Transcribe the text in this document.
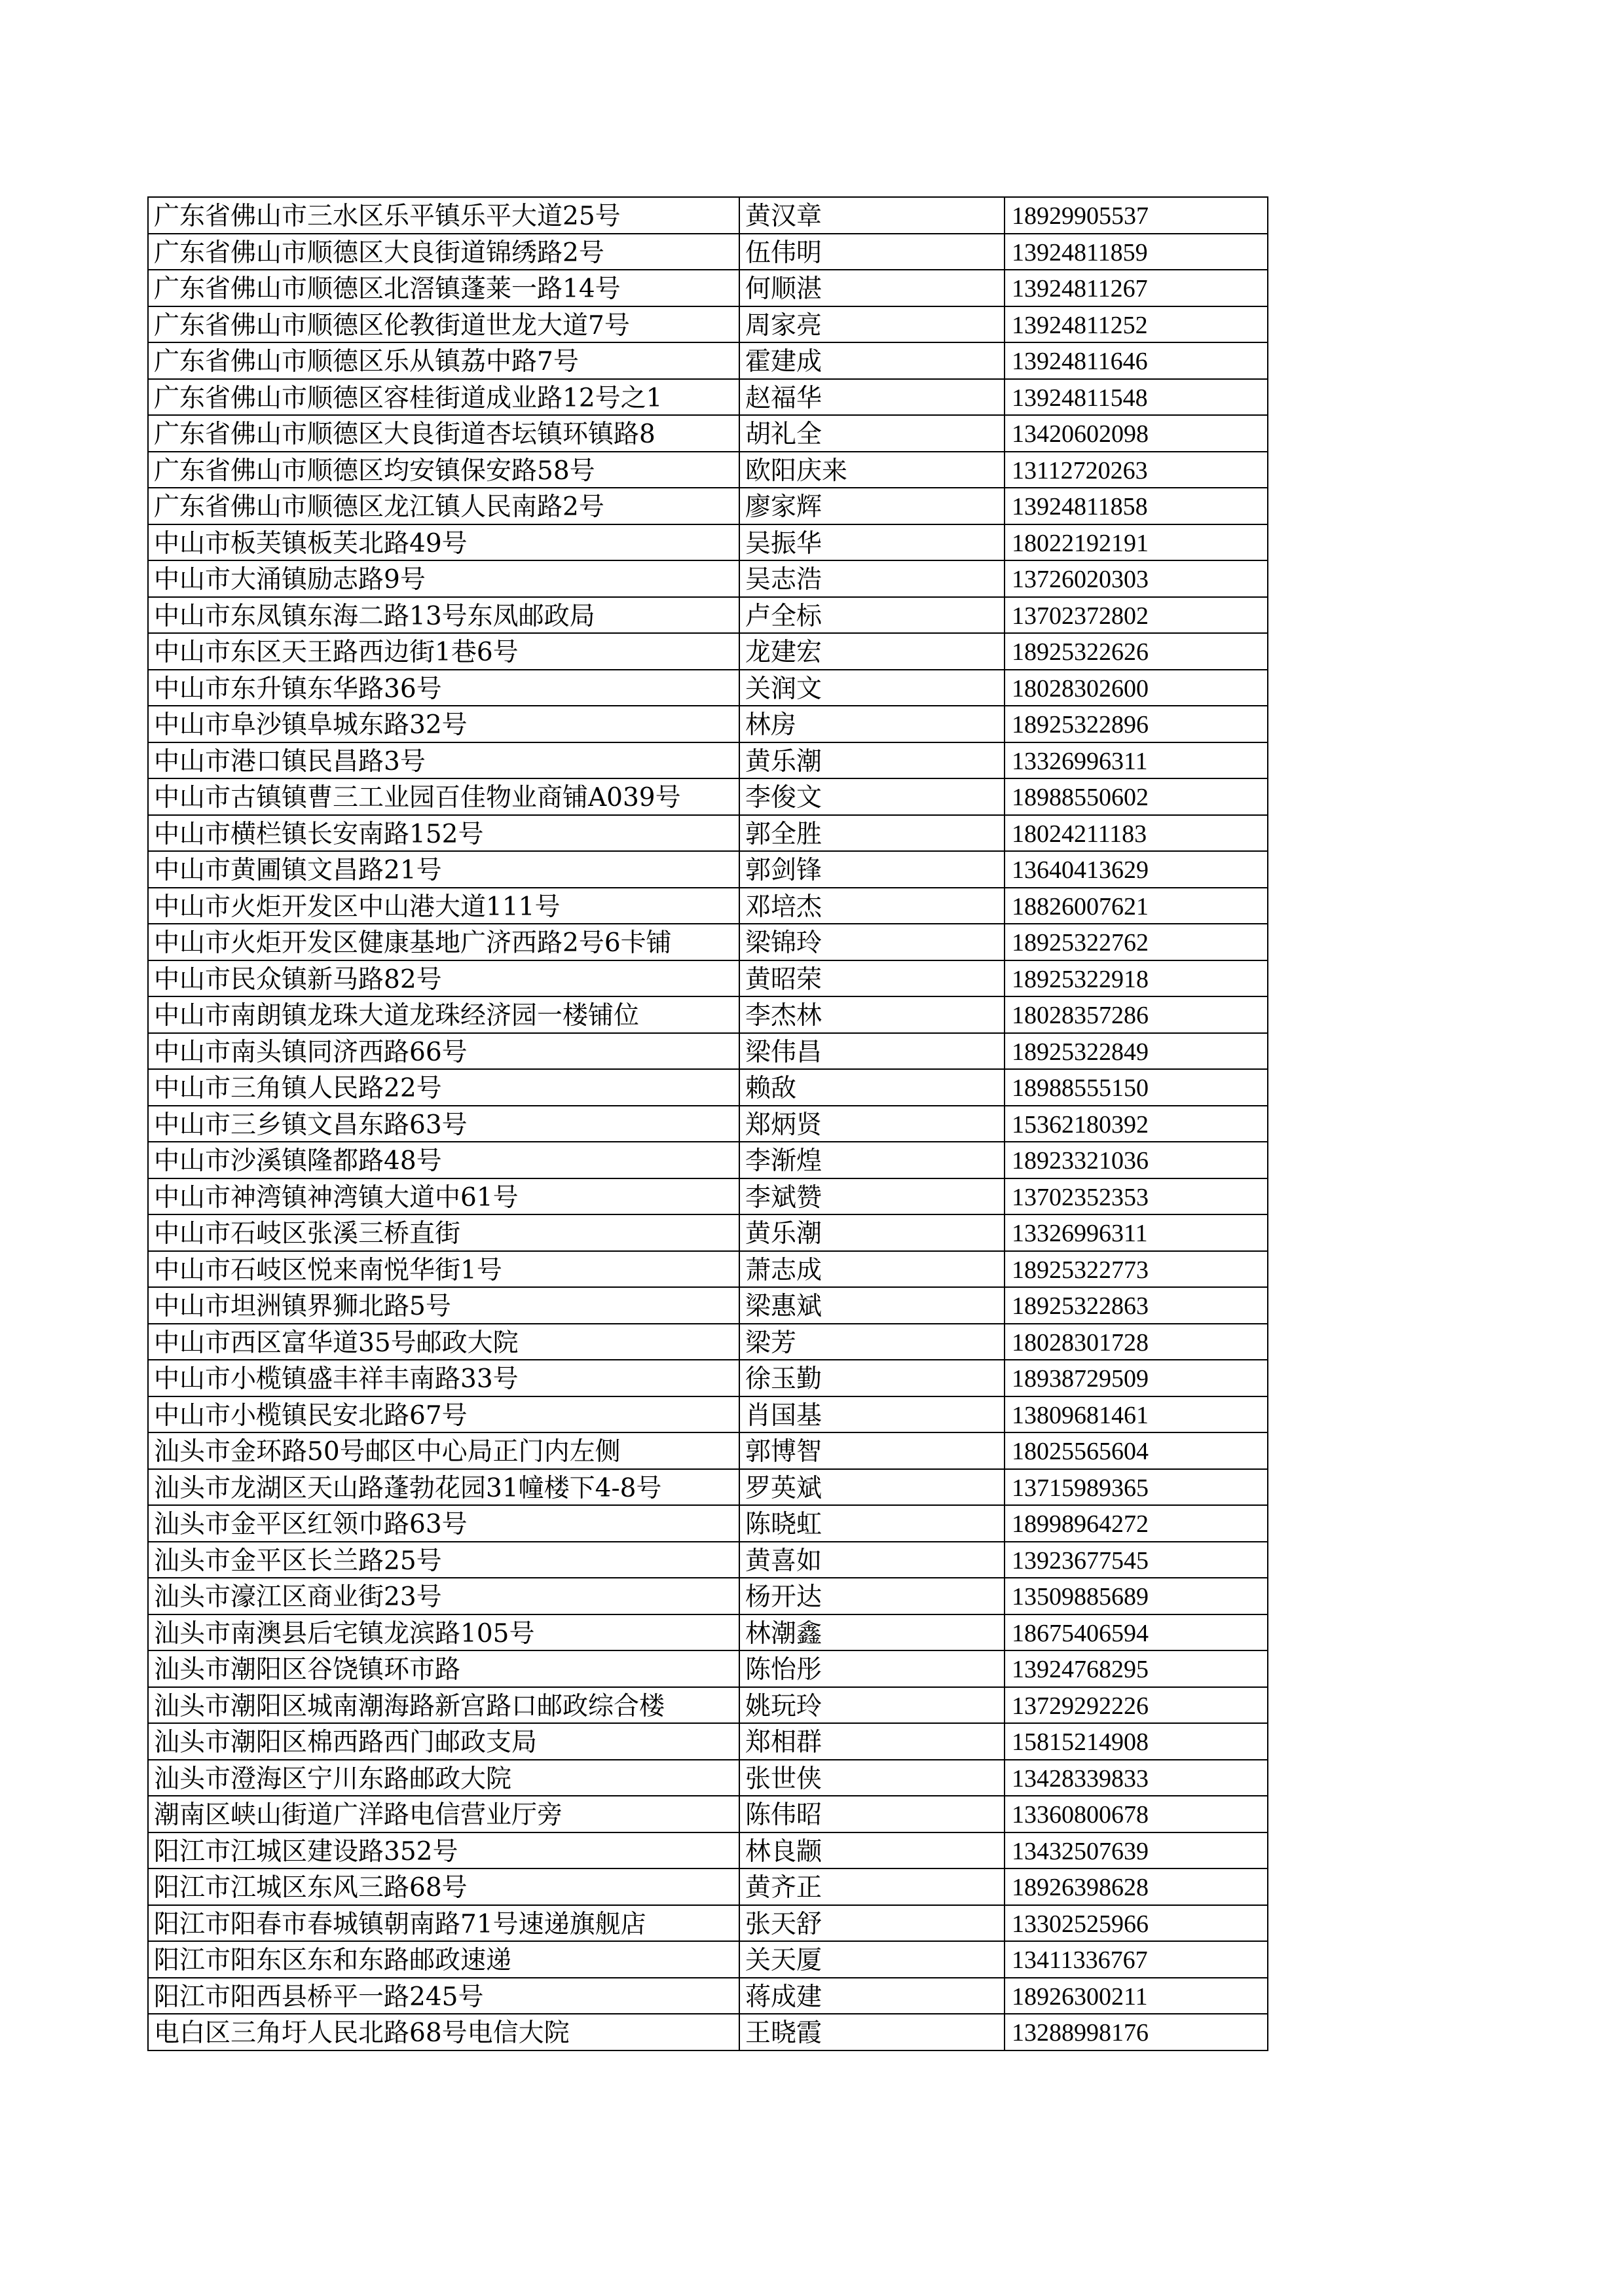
广东省佛山市三水区乐平镇乐平大道25号	黄汉章	18929905537
广东省佛山市顺德区大良街道锦绣路2号	伍伟明	13924811859
广东省佛山市顺德区北滘镇蓬莱一路14号	何顺湛	13924811267
广东省佛山市顺德区伦教街道世龙大道7号	周家亮	13924811252
广东省佛山市顺德区乐从镇荔中路7号	霍建成	13924811646
广东省佛山市顺德区容桂街道成业路12号之1	赵福华	13924811548
广东省佛山市顺德区大良街道杏坛镇环镇路8	胡礼全	13420602098
广东省佛山市顺德区均安镇保安路58号	欧阳庆来	13112720263
广东省佛山市顺德区龙江镇人民南路2号	廖家辉	13924811858
中山市板芙镇板芙北路49号	吴振华	18022192191
中山市大涌镇励志路9号	吴志浩	13726020303
中山市东凤镇东海二路13号东凤邮政局	卢全标	13702372802
中山市东区天王路西边街1巷6号	龙建宏	18925322626
中山市东升镇东华路36号	关润文	18028302600
中山市阜沙镇阜城东路32号	林房	18925322896
中山市港口镇民昌路3号	黄乐潮	13326996311
中山市古镇镇曹三工业园百佳物业商铺A039号	李俊文	18988550602
中山市横栏镇长安南路152号	郭全胜	18024211183
中山市黄圃镇文昌路21号	郭剑锋	13640413629
中山市火炬开发区中山港大道111号	邓培杰	18826007621
中山市火炬开发区健康基地广济西路2号6卡铺	梁锦玲	18925322762
中山市民众镇新马路82号	黄昭荣	18925322918
中山市南朗镇龙珠大道龙珠经济园一楼铺位	李杰林	18028357286
中山市南头镇同济西路66号	梁伟昌	18925322849
中山市三角镇人民路22号	赖敌	18988555150
中山市三乡镇文昌东路63号	郑炳贤	15362180392
中山市沙溪镇隆都路48号	李渐煌	18923321036
中山市神湾镇神湾镇大道中61号	李斌赞	13702352353
中山市石岐区张溪三桥直街	黄乐潮	13326996311
中山市石岐区悦来南悦华街1号	萧志成	18925322773
中山市坦洲镇界狮北路5号	梁惠斌	18925322863
中山市西区富华道35号邮政大院	梁芳	18028301728
中山市小榄镇盛丰祥丰南路33号	徐玉勤	18938729509
中山市小榄镇民安北路67号	肖国基	13809681461
汕头市金环路50号邮区中心局正门内左侧	郭博智	18025565604
汕头市龙湖区天山路蓬勃花园31幢楼下4-8号	罗英斌	13715989365
汕头市金平区红领巾路63号	陈晓虹	18998964272
汕头市金平区长兰路25号	黄喜如	13923677545
汕头市濠江区商业街23号	杨开达	13509885689
汕头市南澳县后宅镇龙滨路105号	林潮鑫	18675406594
汕头市潮阳区谷饶镇环市路	陈怡彤	13924768295
汕头市潮阳区城南潮海路新宫路口邮政综合楼	姚玩玲	13729292226
汕头市潮阳区棉西路西门邮政支局	郑相群	15815214908
汕头市澄海区宁川东路邮政大院	张世侠	13428339833
潮南区峡山街道广洋路电信营业厅旁	陈伟昭	13360800678
阳江市江城区建设路352号	林良颛	13432507639
阳江市江城区东风三路68号	黄齐正	18926398628
阳江市阳春市春城镇朝南路71号速递旗舰店	张天舒	13302525966
阳江市阳东区东和东路邮政速递	关天厦	13411336767
阳江市阳西县桥平一路245号	蒋成建	18926300211
电白区三角圩人民北路68号电信大院	王晓霞	13288998176
